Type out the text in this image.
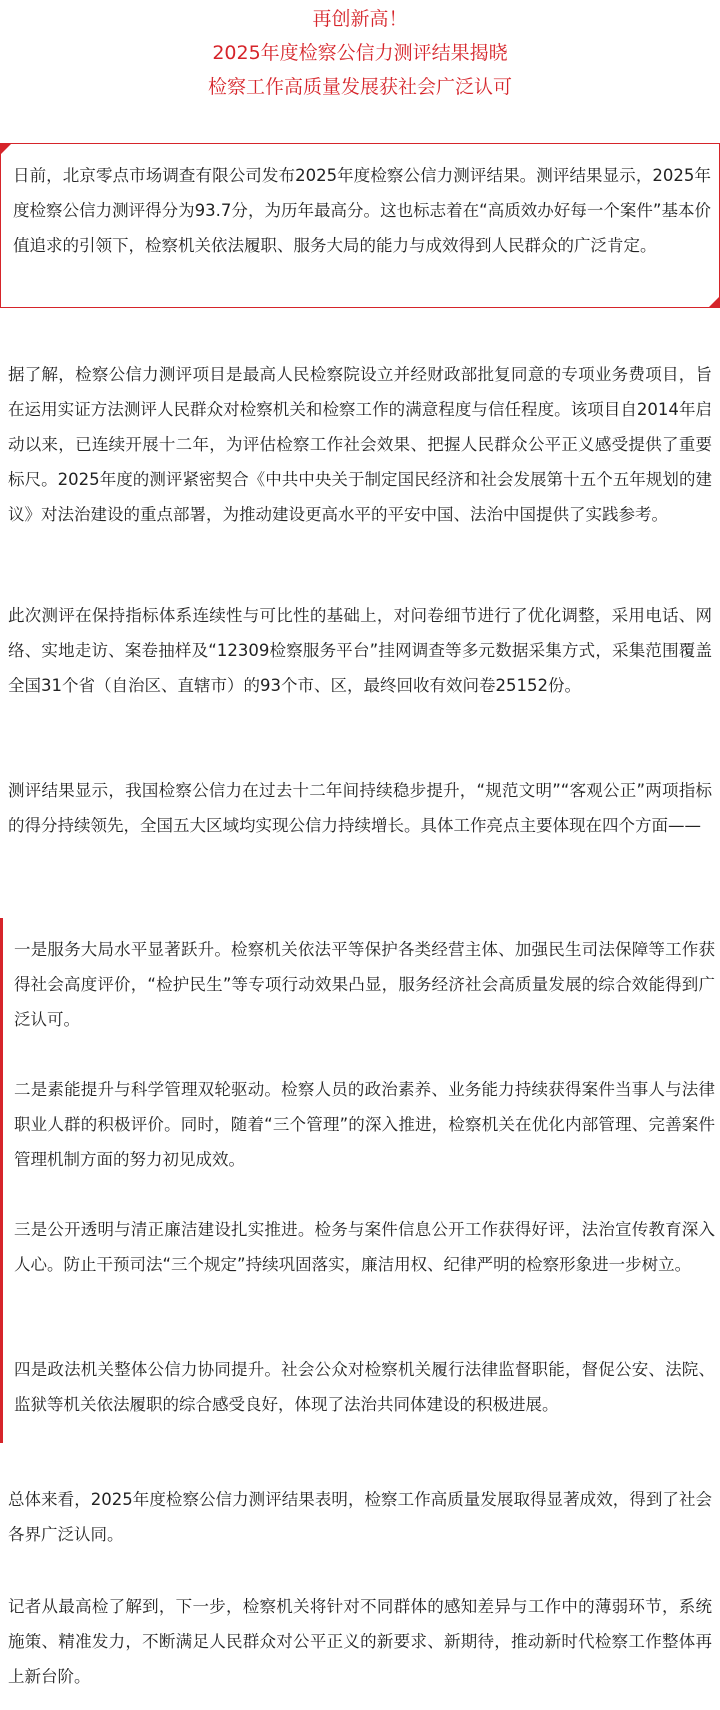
再创新高！
2025年度检察公信力测评结果揭晓
检察工作高质量发展获社会广泛认可

日前，北京零点市场调查有限公司发布2025年度检察公信力测评结果。测评结果显示，2025年度检察公信力测评得分为93.7分，为历年最高分。这也标志着在“高质效办好每一个案件”基本价值追求的引领下，检察机关依法履职、服务大局的能力与成效得到人民群众的广泛肯定。

据了解，检察公信力测评项目是最高人民检察院设立并经财政部批复同意的专项业务费项目，旨在运用实证方法测评人民群众对检察机关和检察工作的满意程度与信任程度。该项目自2014年启动以来，已连续开展十二年，为评估检察工作社会效果、把握人民群众公平正义感受提供了重要标尺。2025年度的测评紧密契合《中共中央关于制定国民经济和社会发展第十五个五年规划的建议》对法治建设的重点部署，为推动建设更高水平的平安中国、法治中国提供了实践参考。

此次测评在保持指标体系连续性与可比性的基础上，对问卷细节进行了优化调整，采用电话、网络、实地走访、案卷抽样及“12309检察服务平台”挂网调查等多元数据采集方式，采集范围覆盖全国31个省（自治区、直辖市）的93个市、区，最终回收有效问卷25152份。

测评结果显示，我国检察公信力在过去十二年间持续稳步提升，“规范文明”“客观公正”两项指标的得分持续领先，全国五大区域均实现公信力持续增长。具体工作亮点主要体现在四个方面——

一是服务大局水平显著跃升。检察机关依法平等保护各类经营主体、加强民生司法保障等工作获得社会高度评价，“检护民生”等专项行动效果凸显，服务经济社会高质量发展的综合效能得到广泛认可。

二是素能提升与科学管理双轮驱动。检察人员的政治素养、业务能力持续获得案件当事人与法律职业人群的积极评价。同时，随着“三个管理”的深入推进，检察机关在优化内部管理、完善案件管理机制方面的努力初见成效。

三是公开透明与清正廉洁建设扎实推进。检务与案件信息公开工作获得好评，法治宣传教育深入人心。防止干预司法“三个规定”持续巩固落实，廉洁用权、纪律严明的检察形象进一步树立。

四是政法机关整体公信力协同提升。社会公众对检察机关履行法律监督职能，督促公安、法院、监狱等机关依法履职的综合感受良好，体现了法治共同体建设的积极进展。

总体来看，2025年度检察公信力测评结果表明，检察工作高质量发展取得显著成效，得到了社会各界广泛认同。

记者从最高检了解到，下一步，检察机关将针对不同群体的感知差异与工作中的薄弱环节，系统施策、精准发力，不断满足人民群众对公平正义的新要求、新期待，推动新时代检察工作整体再上新台阶。
